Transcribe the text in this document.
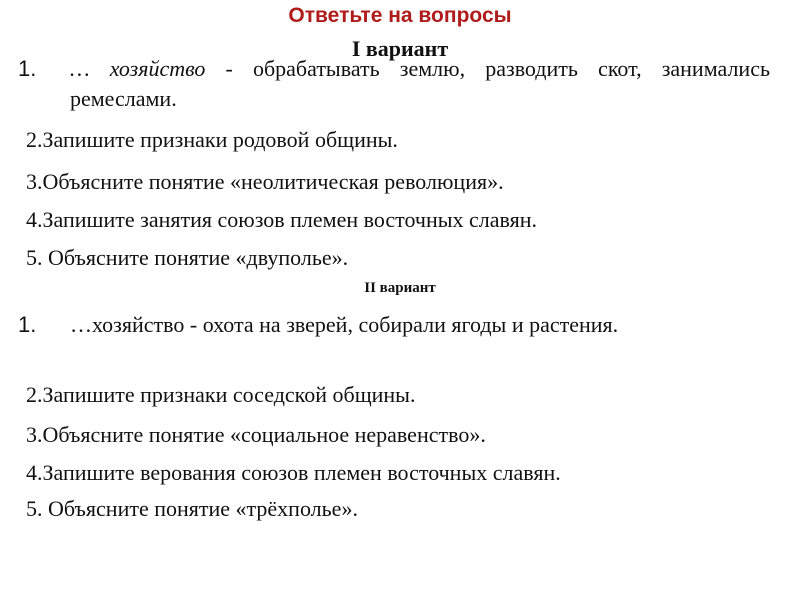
Ответьте на вопросы
I вариант
1.	… хозяйство - обрабатывать землю, разводить скот, занимались ремеслами.
2.Запишите признаки родовой общины.
3.Объясните понятие «неолитическая революция».
4.Запишите занятия союзов племен восточных славян.
5. Объясните понятие «двуполье».
II вариант
1.	…хозяйство - охота на зверей, собирали ягоды и растения.
2.Запишите признаки соседской общины.
3.Объясните понятие «социальное неравенство».
4.Запишите верования союзов племен восточных славян.
5. Объясните понятие «трёхполье».
